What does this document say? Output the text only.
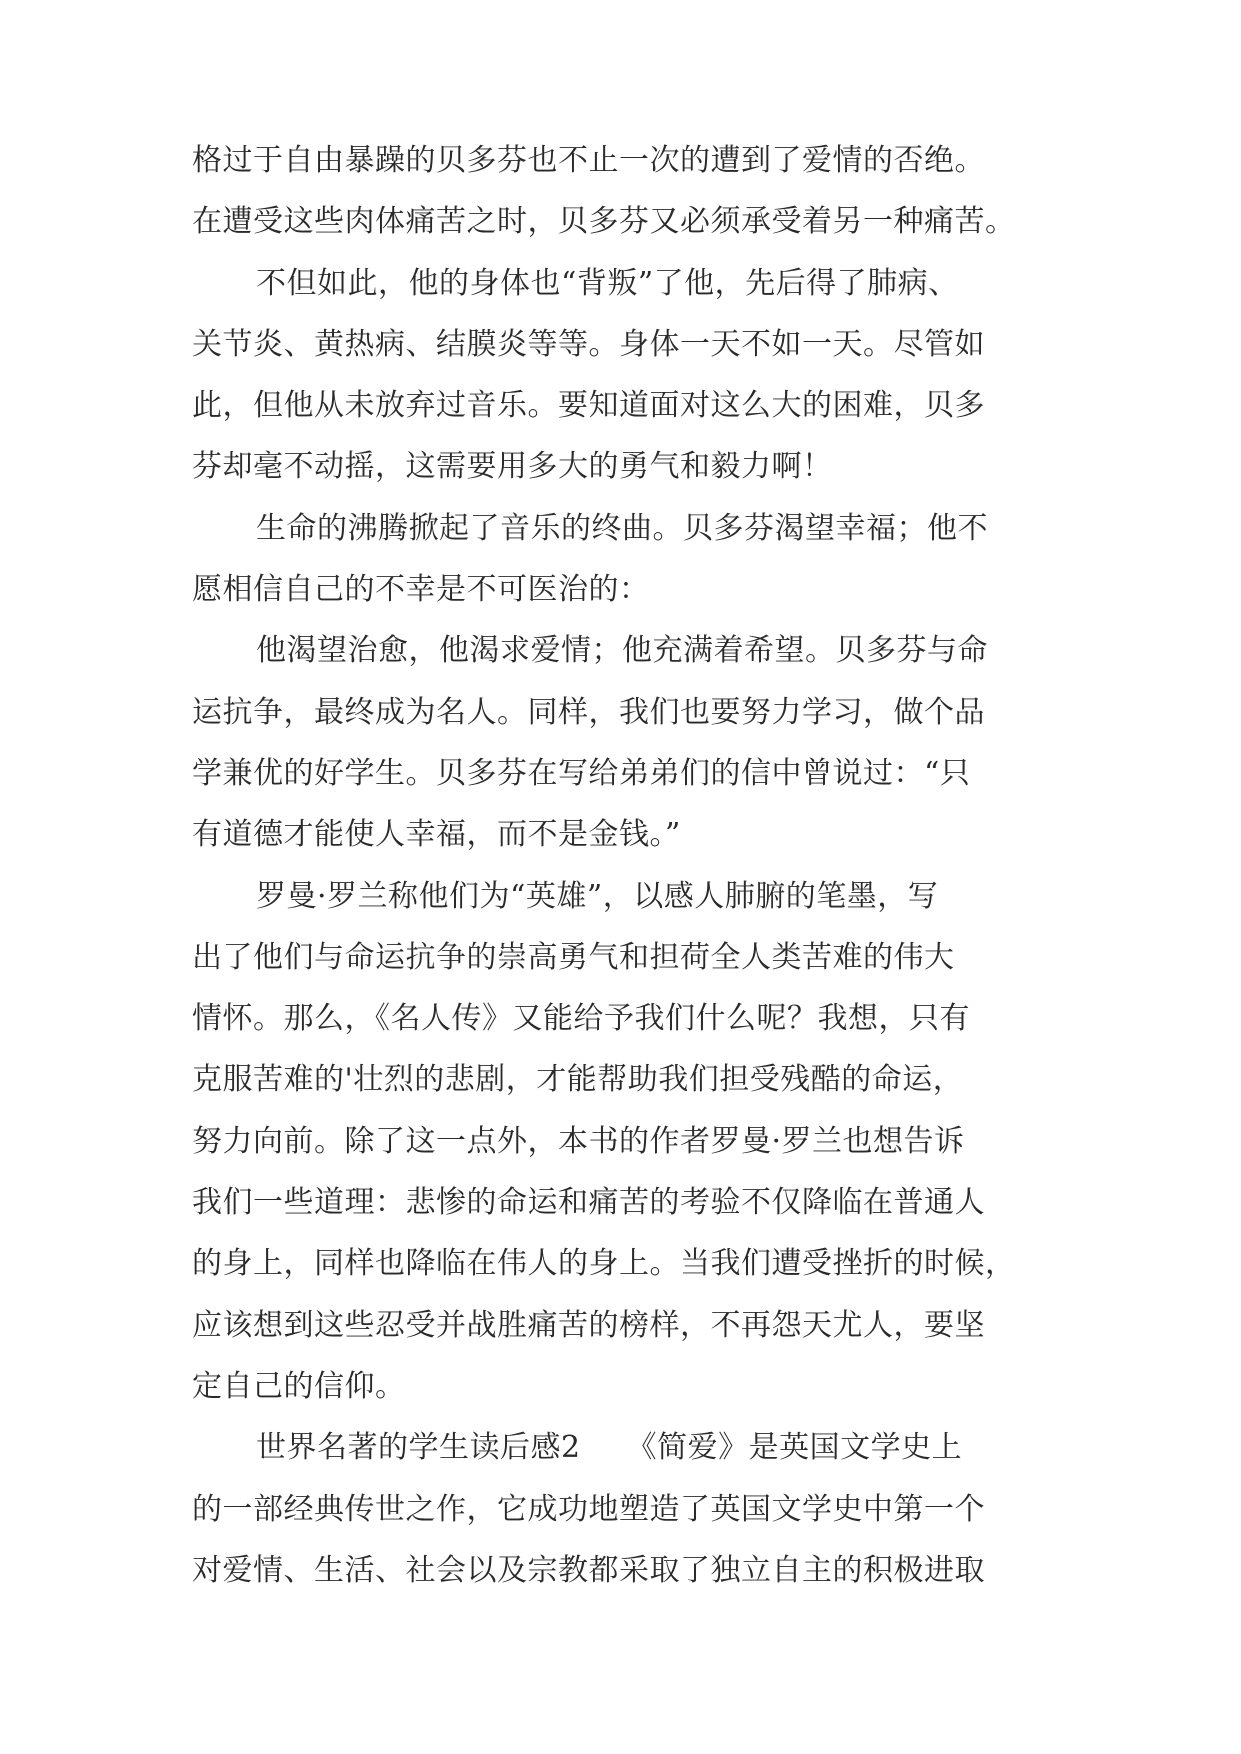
格过于自由暴躁的贝多芬也不止一次的遭到了爱情的否绝。
在遭受这些肉体痛苦之时，贝多芬又必须承受着另一种痛苦。
不但如此，他的身体也“背叛”了他，先后得了肺病、
关节炎、黄热病、结膜炎等等。身体一天不如一天。尽管如
此，但他从未放弃过音乐。要知道面对这么大的困难，贝多
芬却毫不动摇，这需要用多大的勇气和毅力啊！
生命的沸腾掀起了音乐的终曲。贝多芬渴望幸福；他不
愿相信自己的不幸是不可医治的：
他渴望治愈，他渴求爱情；他充满着希望。贝多芬与命
运抗争，最终成为名人。同样，我们也要努力学习，做个品
学兼优的好学生。贝多芬在写给弟弟们的信中曾说过：“只
有道德才能使人幸福，而不是金钱。”
罗曼·罗兰称他们为“英雄”，以感人肺腑的笔墨，写
出了他们与命运抗争的崇高勇气和担荷全人类苦难的伟大
情怀。那么，《名人传》又能给予我们什么呢？我想，只有
克服苦难的'壮烈的悲剧，才能帮助我们担受残酷的命运，
努力向前。除了这一点外，本书的作者罗曼·罗兰也想告诉
我们一些道理：悲惨的命运和痛苦的考验不仅降临在普通人
的身上，同样也降临在伟人的身上。当我们遭受挫折的时候，
应该想到这些忍受并战胜痛苦的榜样，不再怨天尤人，要坚
定自己的信仰。
世界名著的学生读后感2　　《简爱》是英国文学史上
的一部经典传世之作，它成功地塑造了英国文学史中第一个
对爱情、生活、社会以及宗教都采取了独立自主的积极进取
